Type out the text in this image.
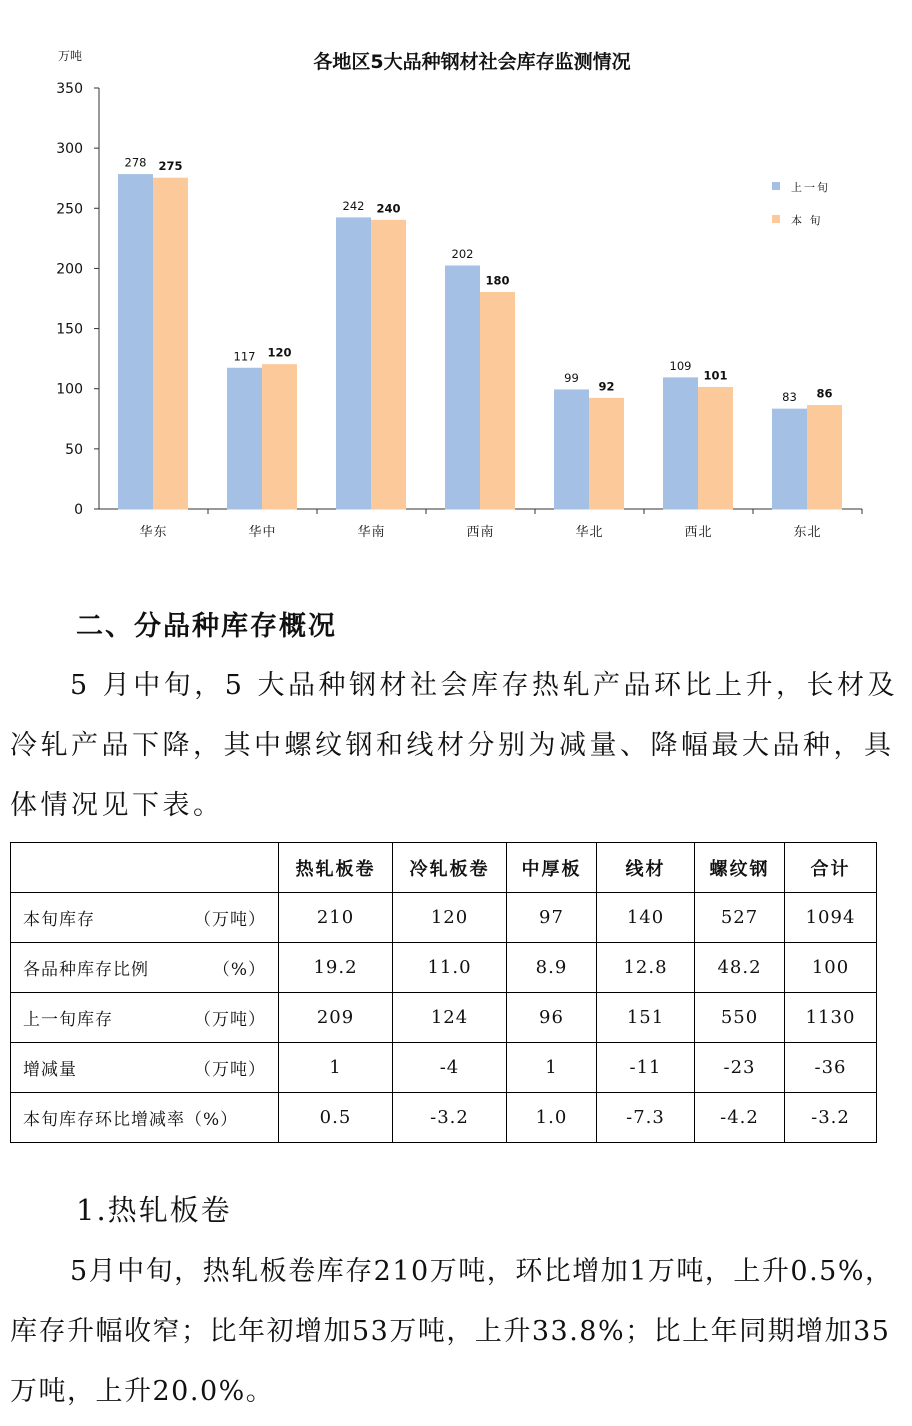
各地区5大品种钢材社会库存监测情况
万吨
0
50
100
150
200
250
300
350
278 275
117 120
242 240
202
180
99
92
109
101
83 86
华东	华中	华南	西南	华北	西北	东北
上一旬
本 旬
二、分品种库存概况

5 月中旬，5 大品种钢材社会库存热轧产品环比上升，长材及冷轧产品下降，其中螺纹钢和线材分别为减量、降幅最大品种，具体情况见下表。

	热轧板卷	冷轧板卷	中厚板	线材	螺纹钢	合计

本旬库存 （万吨）	210	120	97	140	527	1094

各品种库存比例 （%）	19.2	11.0	8.9	12.8	48.2	100

上一旬库存 （万吨）	209	124	96	151	550	1130

增减量 （万吨）	1	-4	1	-11	-23	-36

本旬库存环比增减率（%）	0.5	-3.2	1.0	-7.3	-4.2	-3.2
1.热轧板卷

5月中旬，热轧板卷库存210万吨，环比增加1万吨，上升0.5%，库存升幅收窄；比年初增加53万吨，上升33.8%；比上年同期增加35万吨，上升20.0%。
